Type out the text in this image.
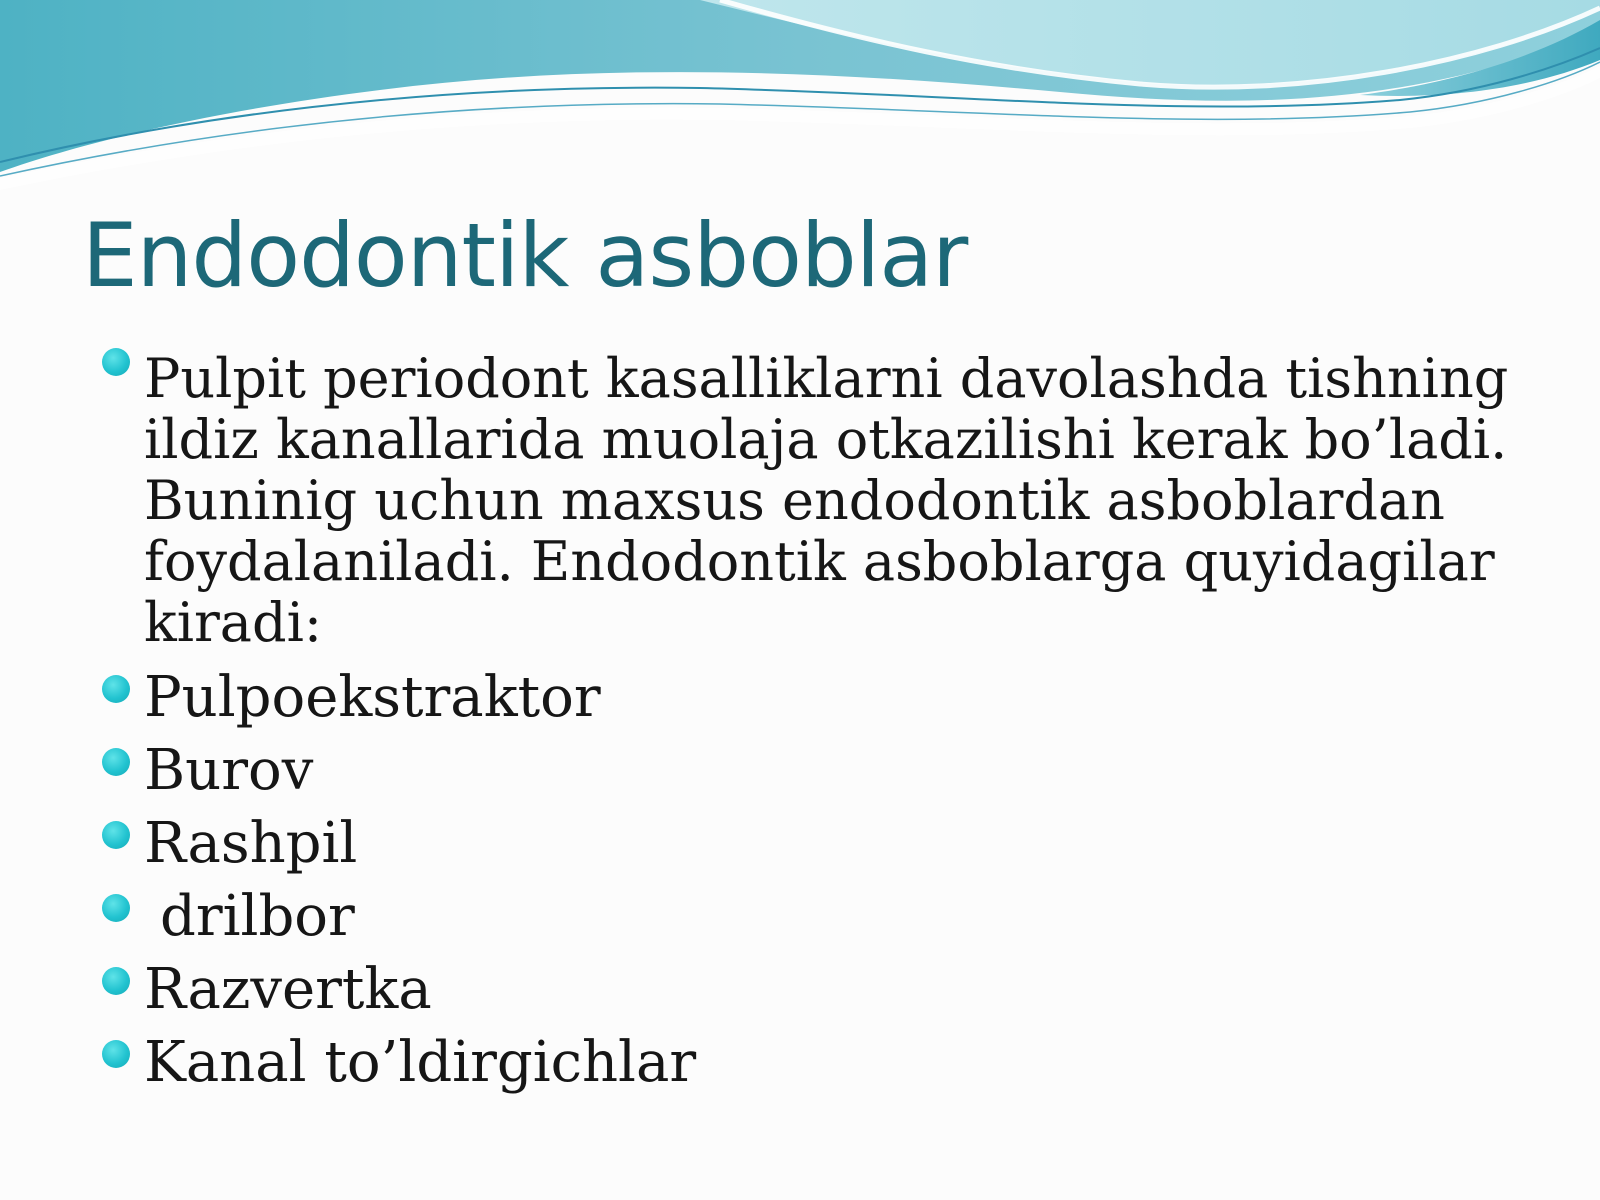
Endodontik asboblar
Pulpit periodont kasalliklarni davolashda tishning ildiz kanallarida muolaja otkazilishi kerak bo’ladi. Buninig uchun maxsus endodontik asboblardan foydalaniladi. Endodontik asboblarga quyidagilar kiradi:
Pulpoekstraktor
Burov
Rashpil
drilbor
Razvertka
Kanal to’ldirgichlar
